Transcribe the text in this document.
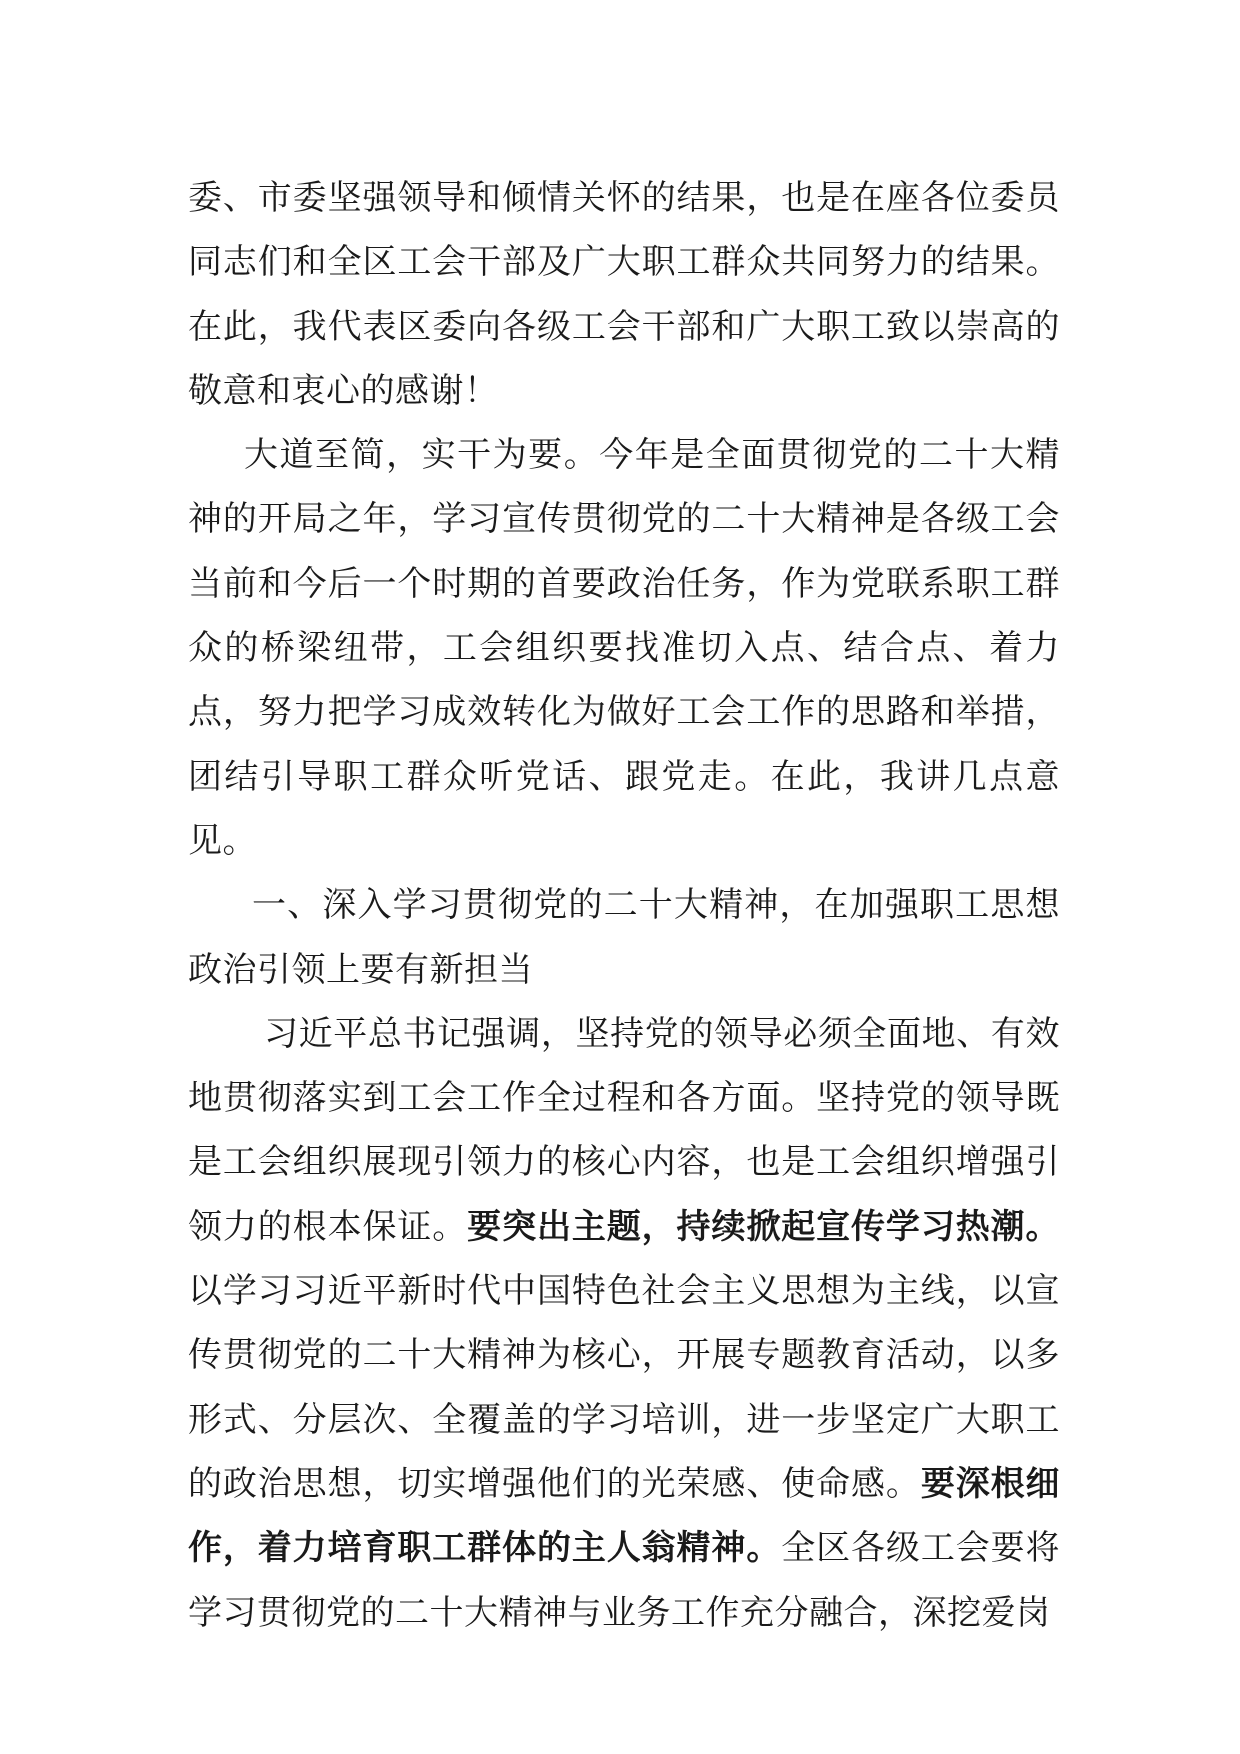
委、市委坚强领导和倾情关怀的结果，也是在座各位委员同志们和全区工会干部及广大职工群众共同努力的结果。在此，我代表区委向各级工会干部和广大职工致以崇高的敬意和衷心的感谢！

大道至简，实干为要。今年是全面贯彻党的二十大精神的开局之年，学习宣传贯彻党的二十大精神是各级工会当前和今后一个时期的首要政治任务，作为党联系职工群众的桥梁纽带，工会组织要找准切入点、结合点、着力点，努力把学习成效转化为做好工会工作的思路和举措，团结引导职工群众听党话、跟党走。在此，我讲几点意见。

一、深入学习贯彻党的二十大精神，在加强职工思想政治引领上要有新担当

习近平总书记强调，坚持党的领导必须全面地、有效地贯彻落实到工会工作全过程和各方面。坚持党的领导既是工会组织展现引领力的核心内容，也是工会组织增强引领力的根本保证。要突出主题，持续掀起宣传学习热潮。以学习习近平新时代中国特色社会主义思想为主线，以宣传贯彻党的二十大精神为核心，开展专题教育活动，以多形式、分层次、全覆盖的学习培训，进一步坚定广大职工的政治思想，切实增强他们的光荣感、使命感。要深根细作，着力培育职工群体的主人翁精神。全区各级工会要将学习贯彻党的二十大精神与业务工作充分融合，深挖爱岗
